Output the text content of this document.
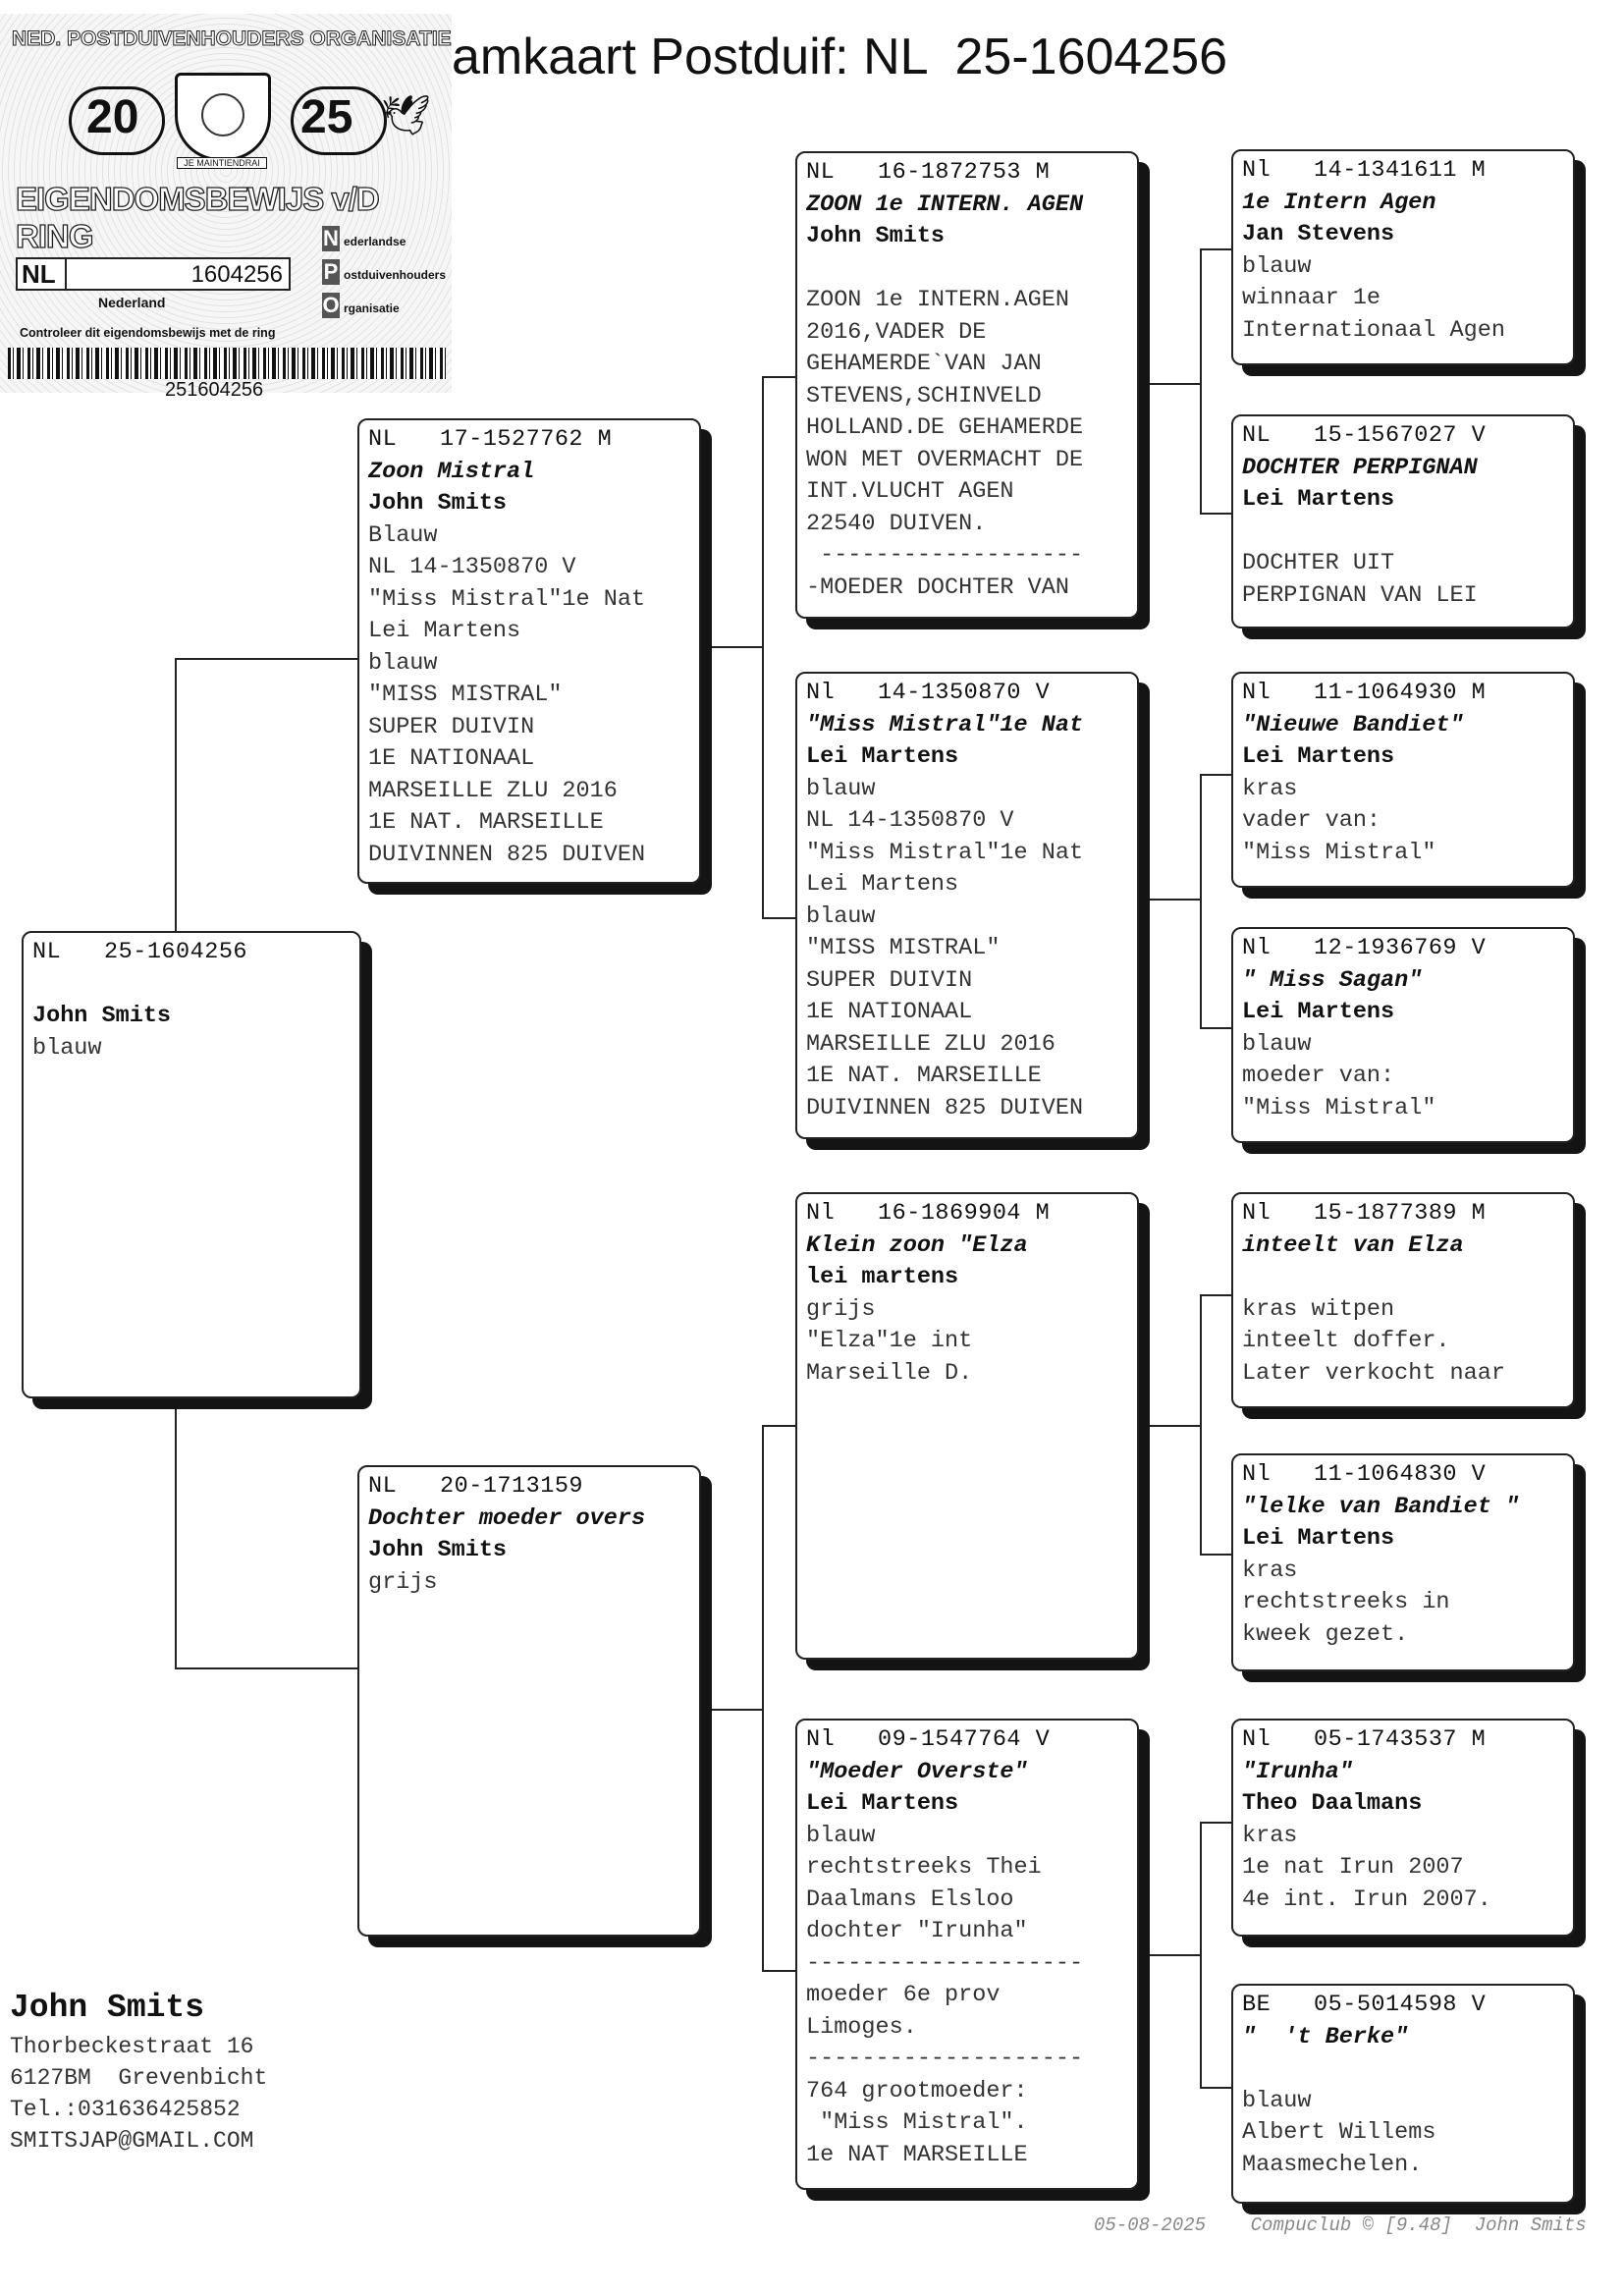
NED. POSTDUIVENHOUDERS ORGANISATIE
20	25
JE MAINTIENDRAI
EIGENDOMSBEWIJS v/D RING	N ederlandse
P ostduivenhouders
O rganisatie
NL	1604256
Nederland
Controleer dit eigendomsbewijs met de ring
251604256
🕊
amkaart Postduif: NL  25-1604256
NL   25-1604256
John Smits
blauw
NL   17-1527762 M
Zoon Mistral
John Smits
Blauw
NL 14-1350870 V
"Miss Mistral"1e Nat
Lei Martens
blauw
"MISS MISTRAL"
SUPER DUIVIN
1E NATIONAAL
MARSEILLE ZLU 2016
1E NAT. MARSEILLE
DUIVINNEN 825 DUIVEN
NL   20-1713159
Dochter moeder overs
John Smits
grijs
NL   16-1872753 M
ZOON 1e INTERN. AGEN
John Smits
ZOON 1e INTERN.AGEN
2016,VADER DE
GEHAMERDE`VAN JAN
STEVENS,SCHINVELD
HOLLAND.DE GEHAMERDE
WON MET OVERMACHT DE
INT.VLUCHT AGEN
22540 DUIVEN.
-------------------
-MOEDER DOCHTER VAN
Nl   14-1350870 V
"Miss Mistral"1e Nat
Lei Martens
blauw
NL 14-1350870 V
"Miss Mistral"1e Nat
Lei Martens
blauw
"MISS MISTRAL"
SUPER DUIVIN
1E NATIONAAL
MARSEILLE ZLU 2016
1E NAT. MARSEILLE
DUIVINNEN 825 DUIVEN
Nl   16-1869904 M
Klein zoon "Elza
lei martens
grijs
"Elza"1e int
Marseille D.
Nl   09-1547764 V
"Moeder Overste"
Lei Martens
blauw
rechtstreeks Thei
Daalmans Elsloo
dochter "Irunha"
--------------------
moeder 6e prov
Limoges.
--------------------
764 grootmoeder:
"Miss Mistral".
1e NAT MARSEILLE
Nl   14-1341611 M
1e Intern Agen
Jan Stevens
blauw
winnaar 1e
Internationaal Agen
NL   15-1567027 V
DOCHTER PERPIGNAN
Lei Martens
DOCHTER UIT
PERPIGNAN VAN LEI
Nl   11-1064930 M
"Nieuwe Bandiet"
Lei Martens
kras
vader van:
"Miss Mistral"
Nl   12-1936769 V
" Miss Sagan"
Lei Martens
blauw
moeder van:
"Miss Mistral"
Nl   15-1877389 M
inteelt van Elza
kras witpen
inteelt doffer.
Later verkocht naar
Nl   11-1064830 V
"lelke van Bandiet "
Lei Martens
kras
rechtstreeks in
kweek gezet.
Nl   05-1743537 M
"Irunha"
Theo Daalmans
kras
1e nat Irun 2007
4e int. Irun 2007.
BE   05-5014598 V
"  't Berke"
blauw
Albert Willems
Maasmechelen.
John Smits
Thorbeckestraat 16
6127BM  Grevenbicht
Tel.:031636425852
SMITSJAP@GMAIL.COM
05-08-2025 Compuclub © [9.48] John Smits
